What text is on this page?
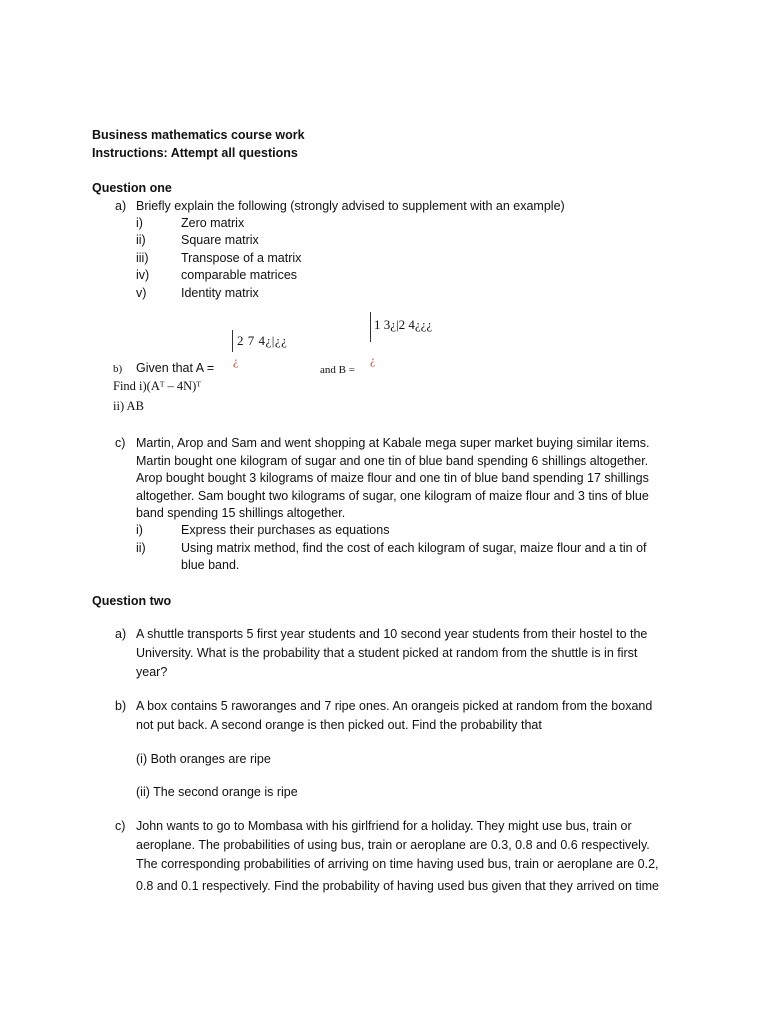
Business mathematics course work
Instructions: Attempt all questions
Question one
a) Briefly explain the following (strongly advised to supplement with an example)
i)	Zero matrix
ii)	Square matrix
iii)	Transpose of a matrix
iv)	comparable matrices
v)	Identity matrix
2 7 4¿|¿¿
¿
1 3¿|2 4¿¿¿
¿
b) Given that A =	and B =
Find i)(Aᵀ – 4N)ᵀ
ii) AB
c) Martin, Arop and Sam and went shopping at Kabale mega super market buying similar items.
Martin bought one kilogram of sugar and one tin of blue band spending 6 shillings altogether.
Arop bought bought 3 kilograms of maize flour and one tin of blue band spending 17 shillings
altogether. Sam bought two kilograms of sugar, one kilogram of maize flour and 3 tins of blue
band spending 15 shillings altogether.
i)	Express their purchases as equations
ii)	Using matrix method, find the cost of each kilogram of sugar, maize flour and a tin of
blue band.
Question two
a) A shuttle transports 5 first year students and 10 second year students from their hostel to the
University. What is the probability that a student picked at random from the shuttle is in first
year?
b) A box contains 5 raworanges and 7 ripe ones. An orangeis picked at random from the boxand
not put back. A second orange is then picked out. Find the probability that
(i) Both oranges are ripe
(ii) The second orange is ripe
c) John wants to go to Mombasa with his girlfriend for a holiday. They might use bus, train or
aeroplane. The probabilities of using bus, train or aeroplane are 0.3, 0.8 and 0.6 respectively.
The corresponding probabilities of arriving on time having used bus, train or aeroplane are 0.2,
0.8 and 0.1 respectively. Find the probability of having used bus given that they arrived on time
